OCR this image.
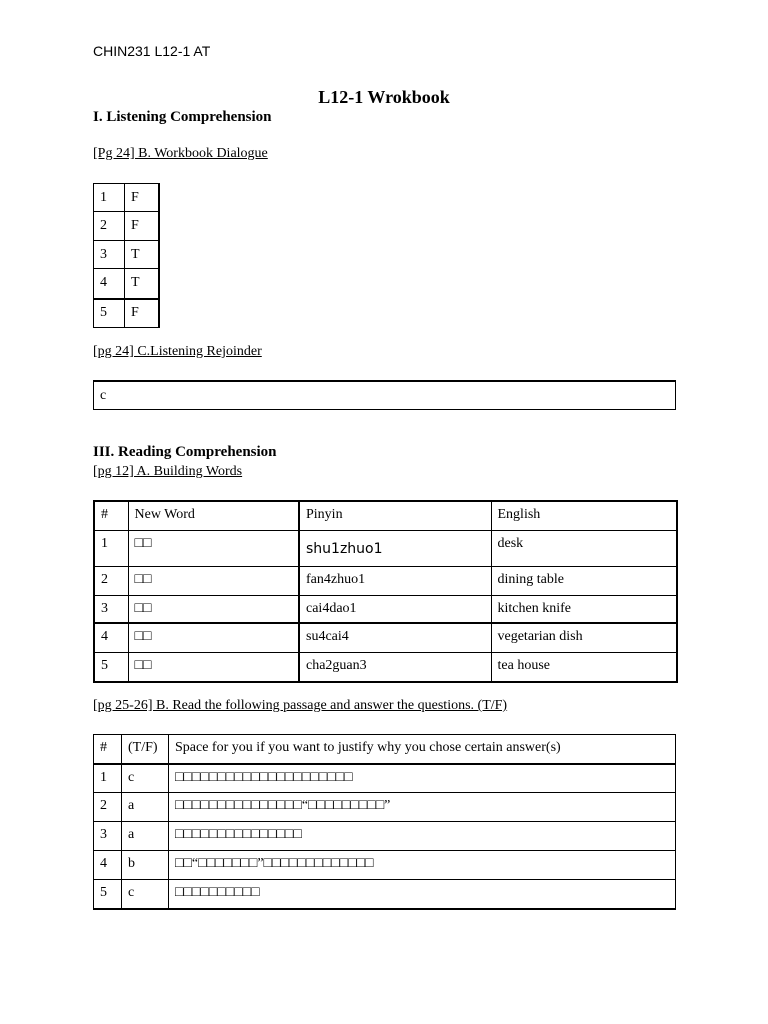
CHIN231 L12-1 AT
L12-1 Wrokbook
I. Listening Comprehension
[Pg 24] B. Workbook Dialogue
1	F
2	F
3	T
4	T
5	F
[pg 24] C.Listening Rejoinder
c
III. Reading Comprehension
[pg 12] A. Building Words
#	New Word	Pinyin	English
1	□□	shu1zhuo1	desk
2	□□	fan4zhuo1	dining table
3	□□	cai4dao1	kitchen knife
4	□□	su4cai4	vegetarian dish
5	□□	cha2guan3	tea house
[pg 25-26] B. Read the following passage and answer the questions. (T/F)
#	(T/F)	Space for you if you want to justify why you chose certain answer(s)
1	c	□□□□□□□□□□□□□□□□□□□□□
2	a	□□□□□□□□□□□□□□□“□□□□□□□□□”
3	a	□□□□□□□□□□□□□□□
4	b	□□“□□□□□□□”□□□□□□□□□□□□□
5	c	□□□□□□□□□□
